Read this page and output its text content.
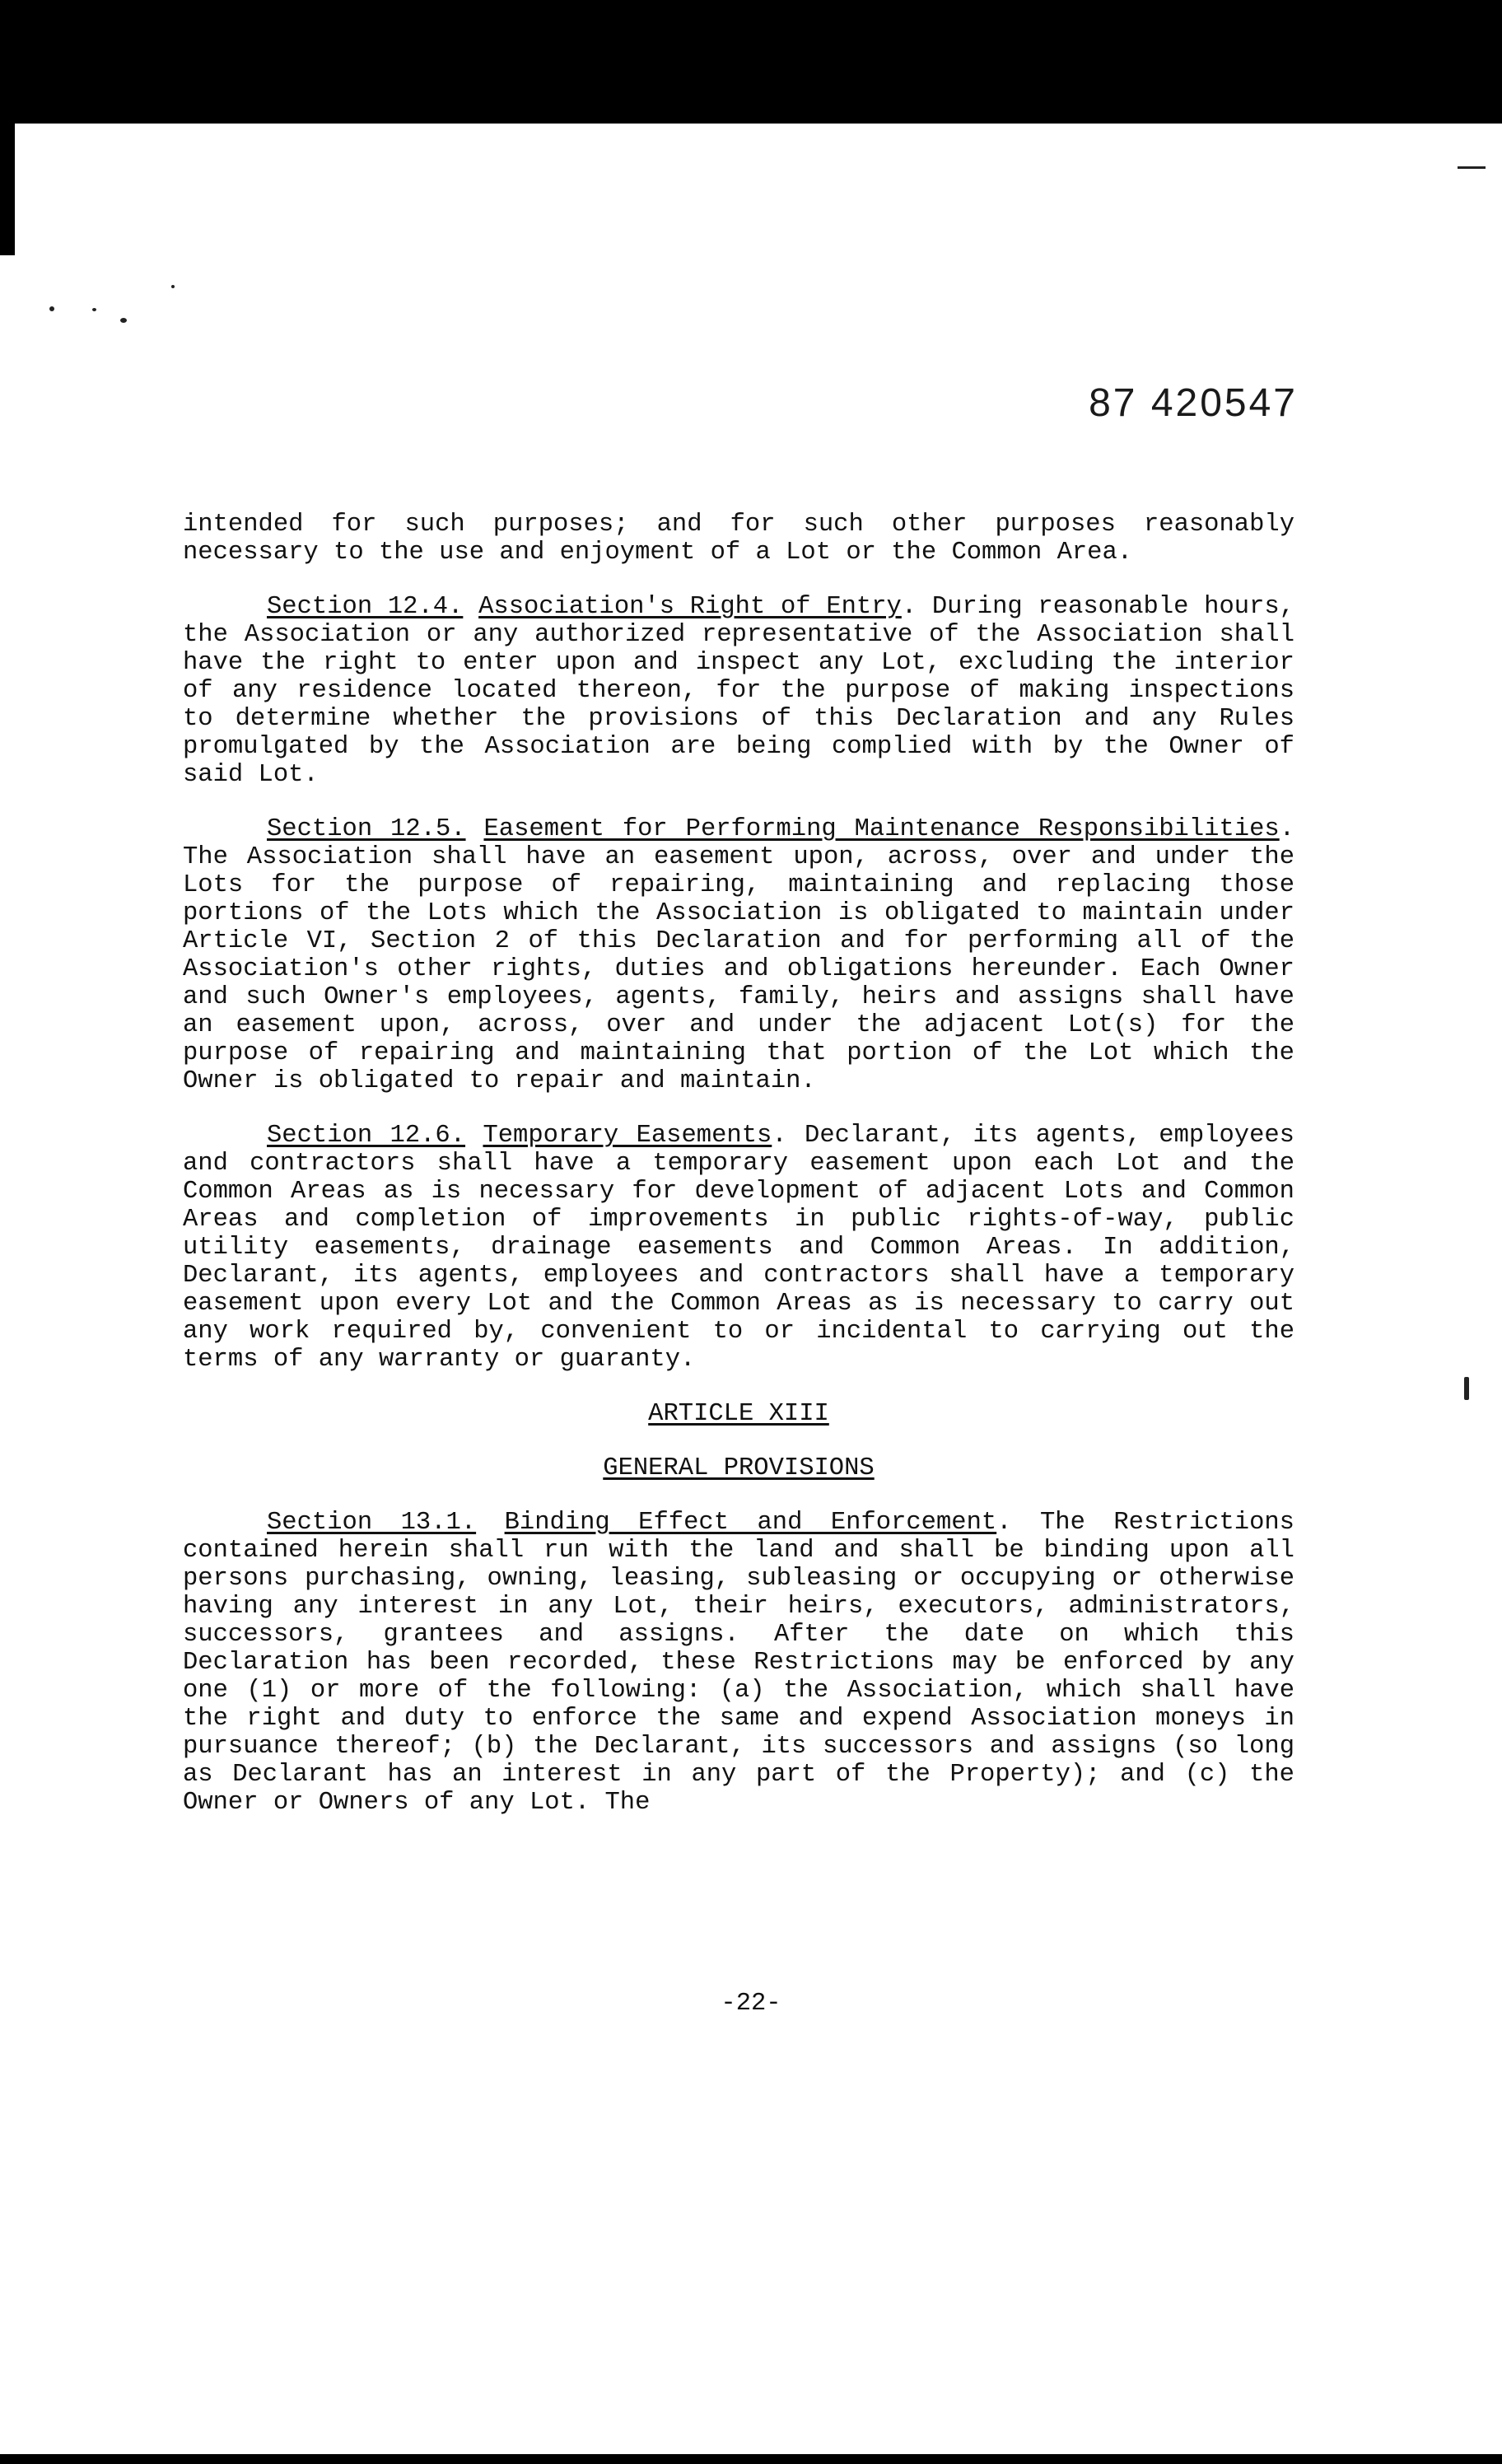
87 420547

intended for such purposes; and for such other purposes reasonably necessary to the use and enjoyment of a Lot or the Common Area.

Section 12.4. Association's Right of Entry. During reasonable hours, the Association or any authorized representative of the Association shall have the right to enter upon and inspect any Lot, excluding the interior of any residence located thereon, for the purpose of making inspections to determine whether the provisions of this Declaration and any Rules promulgated by the Association are being complied with by the Owner of said Lot.

Section 12.5. Easement for Performing Maintenance Responsibilities. The Association shall have an easement upon, across, over and under the Lots for the purpose of repairing, maintaining and replacing those portions of the Lots which the Association is obligated to maintain under Article VI, Section 2 of this Declaration and for performing all of the Association's other rights, duties and obligations hereunder. Each Owner and such Owner's employees, agents, family, heirs and assigns shall have an easement upon, across, over and under the adjacent Lot(s) for the purpose of repairing and maintaining that portion of the Lot which the Owner is obligated to repair and maintain.

Section 12.6. Temporary Easements. Declarant, its agents, employees and contractors shall have a temporary easement upon each Lot and the Common Areas as is necessary for development of adjacent Lots and Common Areas and completion of improvements in public rights-of-way, public utility easements, drainage easements and Common Areas. In addition, Declarant, its agents, employees and contractors shall have a temporary easement upon every Lot and the Common Areas as is necessary to carry out any work required by, convenient to or incidental to carrying out the terms of any warranty or guaranty.

ARTICLE XIII

GENERAL PROVISIONS

Section 13.1. Binding Effect and Enforcement. The Restrictions contained herein shall run with the land and shall be binding upon all persons purchasing, owning, leasing, subleasing or occupying or otherwise having any interest in any Lot, their heirs, executors, administrators, successors, grantees and assigns. After the date on which this Declaration has been recorded, these Restrictions may be enforced by any one (1) or more of the following: (a) the Association, which shall have the right and duty to enforce the same and expend Association moneys in pursuance thereof; (b) the Declarant, its successors and assigns (so long as Declarant has an interest in any part of the Property); and (c) the Owner or Owners of any Lot. The

-22-
